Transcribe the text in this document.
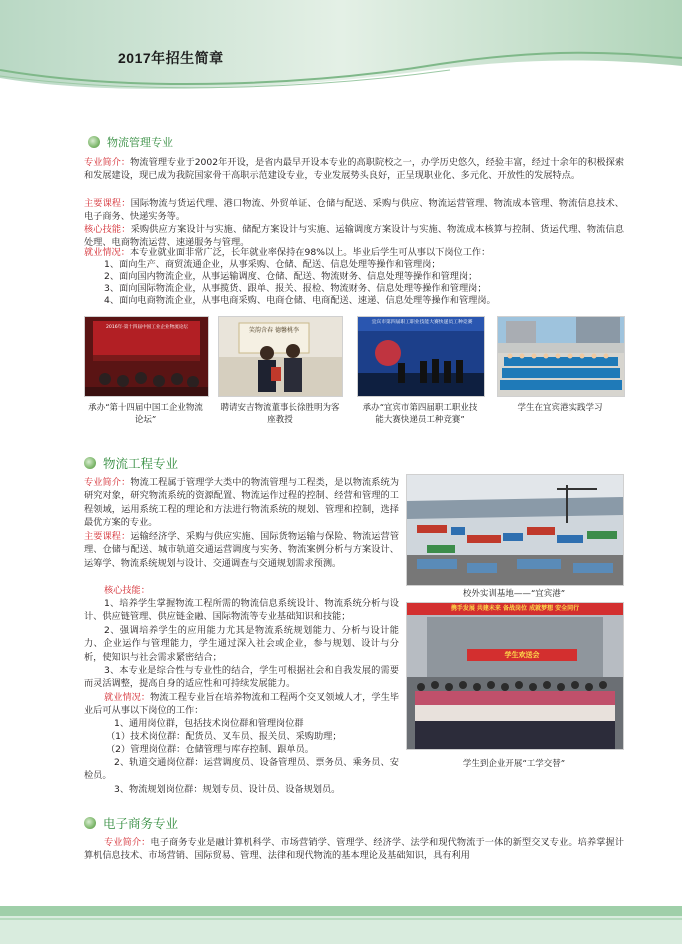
2017年招生简章
物流管理专业

专业简介：物流管理专业于2002年开设，是省内最早开设本专业的高职院校之一，办学历史悠久，经验丰富，经过十余年的积极探索和发展建设，现已成为我院国家骨干高职示范建设专业，专业发展势头良好，正呈现职业化、多元化、开放性的发展特点。

主要课程：国际物流与货运代理、港口物流、外贸单证、仓储与配送、采购与供应、物流运营管理、物流成本管理、物流信息技术、电子商务、快递实务等。

核心技能：采购供应方案设计与实施、储配方案设计与实施、运输调度方案设计与实施、物流成本核算与控制、货运代理、物流信息处理、电商物流运营、速递服务与管理。

就业情况：本专业就业面非常广泛，长年就业率保持在98%以上。毕业后学生可从事以下岗位工作：

1、面向生产、商贸流通企业，从事采购、仓储、配送、信息处理等操作和管理岗；
2、面向国内物流企业，从事运输调度、仓储、配送、物流财务、信息处理等操作和管理岗；
3、面向国际物流企业，从事揽货、跟单、报关、报检、物流财务、信息处理等操作和管理岗；
4、面向电商物流企业，从事电商采购、电商仓储、电商配送、速递、信息处理等操作和管理岗。
2016年·第十四届中国工业企业物流论坛	笑韵含春 德馨桃李
宜宾市第四届职工职业技能大赛快递员工种竞赛
承办“第十四届中国工企业物流论坛”
聘请安吉物流董事长徐胜明为客座教授
承办“宜宾市第四届职工职业技能大赛快递员工种竞赛”
学生在宜宾港实践学习
物流工程专业

专业简介：物流工程属于管理学大类中的物流管理与工程类，是以物流系统为研究对象，研究物流系统的资源配置、物流运作过程的控制、经营和管理的工程领域，运用系统工程的理论和方法进行物流系统的规划、管理和控制，选择最优方案的专业。

主要课程：运输经济学、采购与供应实施、国际货物运输与保险、物流运营管理、仓储与配送、城市轨道交通运营调度与实务、物流案例分析与方案设计、运筹学、物流系统规划与设计、交通调查与交通规划需求预测。

核心技能：

1、培养学生掌握物流工程所需的物流信息系统设计、物流系统分析与设计、供应链管理、供应链金融、国际物流等专业基础知识和技能；

2、强调培养学生的应用能力尤其是物流系统规划能力、分析与设计能力、企业运作与管理能力，学生通过深入社会或企业，参与规划、设计与分析，使知识与社会需求紧密结合；

3、本专业是综合性与专业性的结合，学生可根据社会和自我发展的需要而灵活调整，提高自身的适应性和可持续发展能力。

就业情况：物流工程专业旨在培养物流和工程两个交叉领域人才，学生毕业后可从事以下岗位的工作：

1、通用岗位群，包括技术岗位群和管理岗位群

（1）技术岗位群：配货员、叉车员、报关员、采购助理；

（2）管理岗位群：仓储管理与库存控制、跟单员。

2、轨道交通岗位群：运营调度员、设备管理员、票务员、乘务员、安检员。

3、物流规划岗位群：规划专员、设计员、设备规划员。

校外实训基地——“宜宾港”
携手发展 共建未来 备战岗位 成就梦想 安全同行
学生欢送会
学生到企业开展“工学交替”
电子商务专业

专业简介：电子商务专业是融计算机科学、市场营销学、管理学、经济学、法学和现代物流于一体的新型交叉专业。培养掌握计算机信息技术、市场营销、国际贸易、管理、法律和现代物流的基本理论及基础知识，具有利用
